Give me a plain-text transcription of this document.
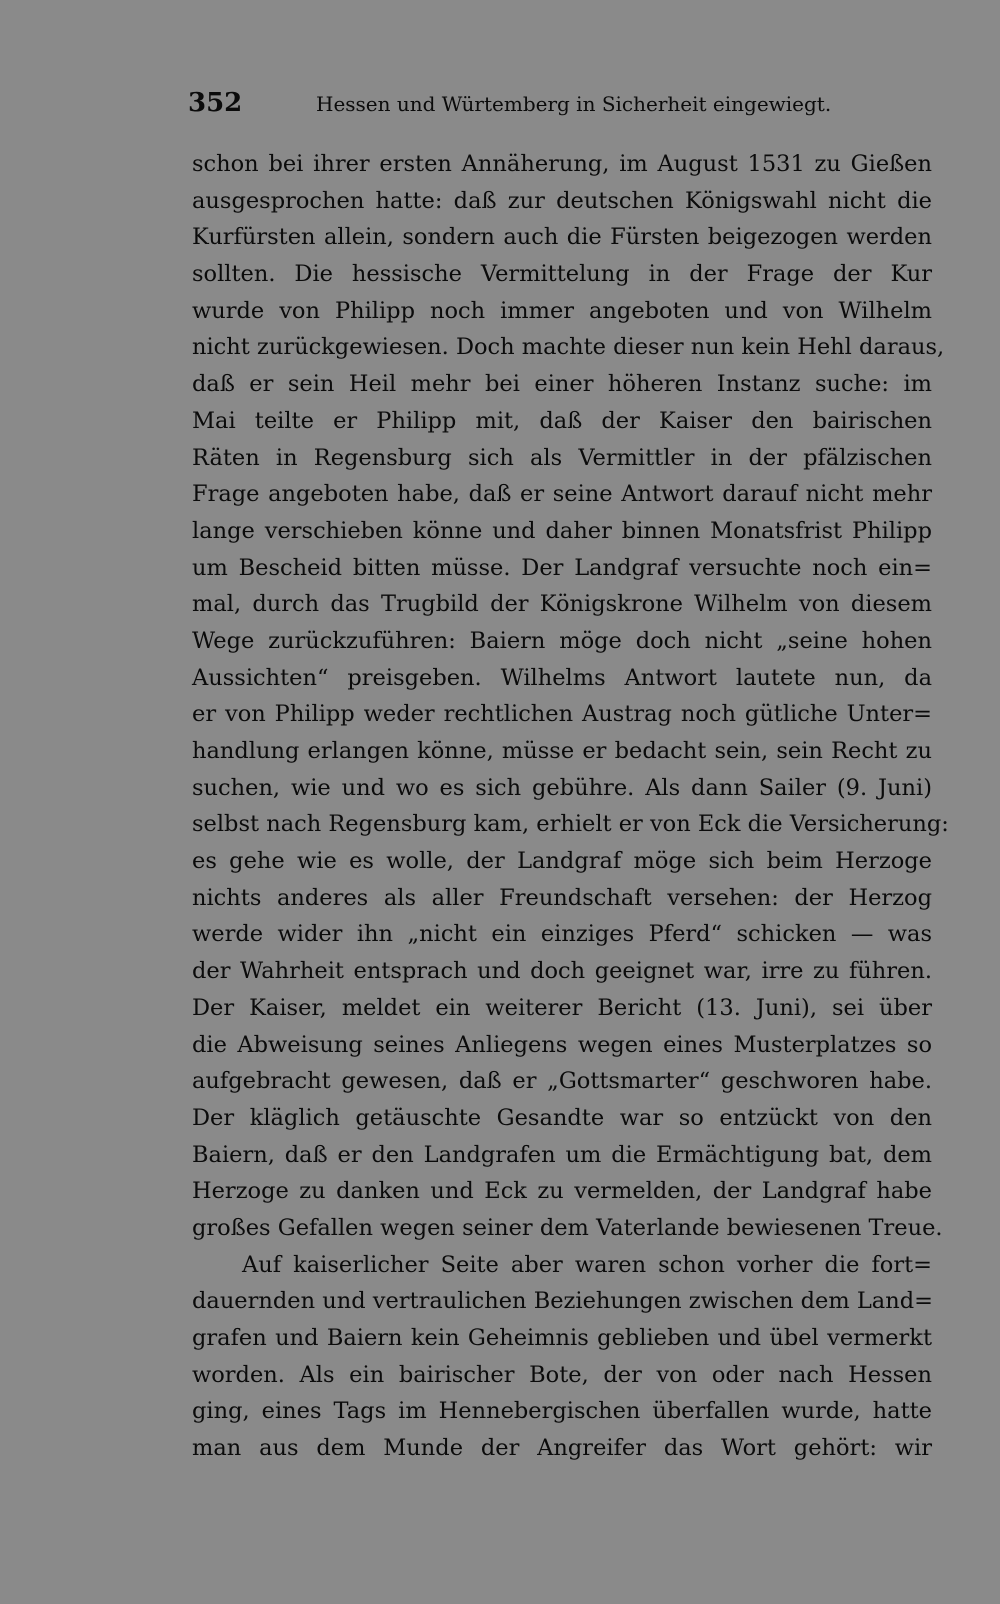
352	Hessen und Würtemberg in Sicherheit eingewiegt.
schon bei ihrer ersten Annäherung, im August 1531 zu Gießen
ausgesprochen hatte: daß zur deutschen Königswahl nicht die
Kurfürsten allein, sondern auch die Fürsten beigezogen werden
sollten. Die hessische Vermittelung in der Frage der Kur
wurde von Philipp noch immer angeboten und von Wilhelm
nicht zurückgewiesen. Doch machte dieser nun kein Hehl daraus,
daß er sein Heil mehr bei einer höheren Instanz suche: im
Mai teilte er Philipp mit, daß der Kaiser den bairischen
Räten in Regensburg sich als Vermittler in der pfälzischen
Frage angeboten habe, daß er seine Antwort darauf nicht mehr
lange verschieben könne und daher binnen Monatsfrist Philipp
um Bescheid bitten müsse. Der Landgraf versuchte noch ein=
mal, durch das Trugbild der Königskrone Wilhelm von diesem
Wege zurückzuführen: Baiern möge doch nicht „seine hohen
Aussichten“ preisgeben. Wilhelms Antwort lautete nun, da
er von Philipp weder rechtlichen Austrag noch gütliche Unter=
handlung erlangen könne, müsse er bedacht sein, sein Recht zu
suchen, wie und wo es sich gebühre. Als dann Sailer (9. Juni)
selbst nach Regensburg kam, erhielt er von Eck die Versicherung:
es gehe wie es wolle, der Landgraf möge sich beim Herzoge
nichts anderes als aller Freundschaft versehen: der Herzog
werde wider ihn „nicht ein einziges Pferd“ schicken — was
der Wahrheit entsprach und doch geeignet war, irre zu führen.
Der Kaiser, meldet ein weiterer Bericht (13. Juni), sei über
die Abweisung seines Anliegens wegen eines Musterplatzes so
aufgebracht gewesen, daß er „Gottsmarter“ geschworen habe.
Der kläglich getäuschte Gesandte war so entzückt von den
Baiern, daß er den Landgrafen um die Ermächtigung bat, dem
Herzoge zu danken und Eck zu vermelden, der Landgraf habe
großes Gefallen wegen seiner dem Vaterlande bewiesenen Treue.
Auf kaiserlicher Seite aber waren schon vorher die fort=
dauernden und vertraulichen Beziehungen zwischen dem Land=
grafen und Baiern kein Geheimnis geblieben und übel vermerkt
worden. Als ein bairischer Bote, der von oder nach Hessen
ging, eines Tags im Hennebergischen überfallen wurde, hatte
man aus dem Munde der Angreifer das Wort gehört: wir
